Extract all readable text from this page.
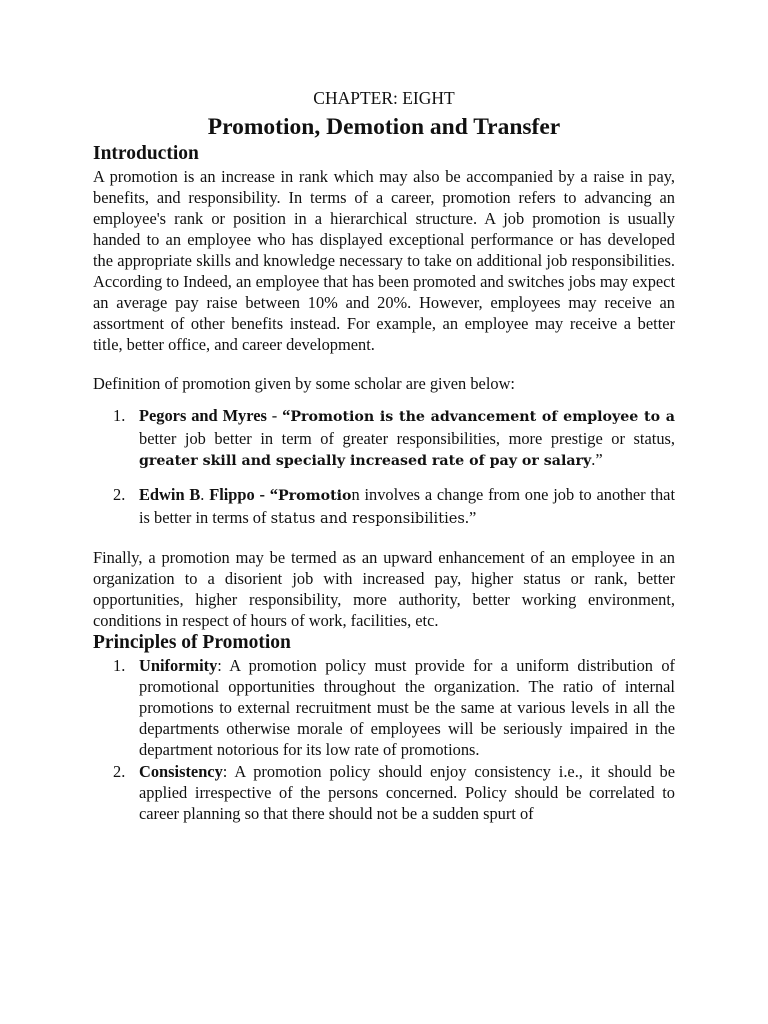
CHAPTER: EIGHT

Promotion, Demotion and Transfer
Introduction

A promotion is an increase in rank which may also be accompanied by a raise in pay, benefits, and responsibility. In terms of a career, promotion refers to advancing an employee's rank or position in a hierarchical structure. A job promotion is usually handed to an employee who has displayed exceptional performance or has developed the appropriate skills and knowledge necessary to take on additional job responsibilities. According to Indeed, an employee that has been promoted and switches jobs may expect an average pay raise between 10% and 20%. However, employees may receive an assortment of other benefits instead. For example, an employee may receive a better title, better office, and career development.

Definition of promotion given by some scholar are given below:

1. Pegors and Myres - “Promotion is the advancement of employee to a better job better in term of greater responsibilities, more prestige or status, greater skill and specially increased rate of pay or salary.”
2. Edwin B. Flippo - “Promotion involves a change from one job to another that is better in terms of status and responsibilities.”

Finally, a promotion may be termed as an upward enhancement of an employee in an organization to a disorient job with increased pay, higher status or rank, better opportunities, higher responsibility, more authority, better working environment, conditions in respect of hours of work, facilities, etc.

Principles of Promotion
1. Uniformity: A promotion policy must provide for a uniform distribution of promotional opportunities throughout the organization. The ratio of internal promotions to external recruitment must be the same at various levels in all the departments otherwise morale of employees will be seriously impaired in the department notorious for its low rate of promotions.
2. Consistency: A promotion policy should enjoy consistency i.e., it should be applied irrespective of the persons concerned. Policy should be correlated to career planning so that there should not be a sudden spurt of
